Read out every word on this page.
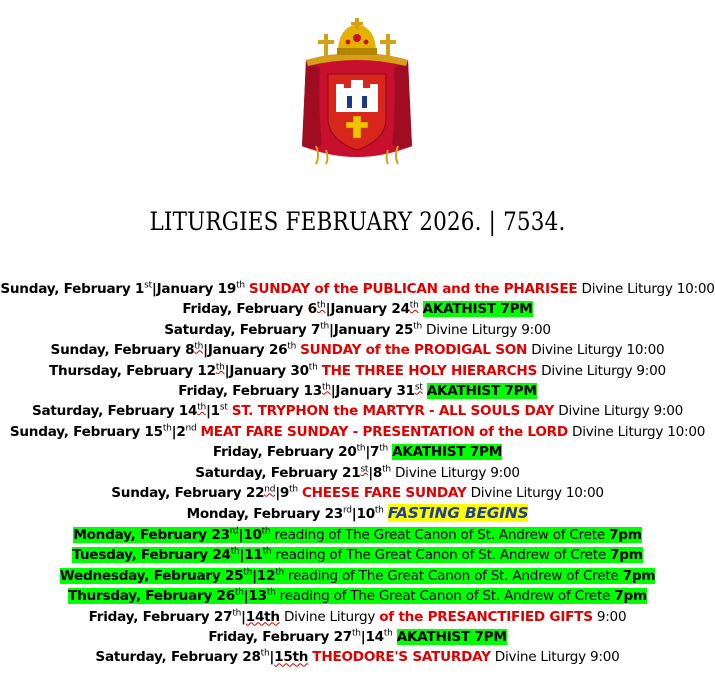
LITURGIES FEBRUARY 2026. | 7534.
Sunday, February 1st|January 19th SUNDAY of the PUBLICAN and the PHARISEE Divine Liturgy 10:00
Friday, February 6th|January 24th AKATHIST 7PM
Saturday, February 7th|January 25th Divine Liturgy 9:00
Sunday, February 8th|January 26th SUNDAY of the PRODIGAL SON Divine Liturgy 10:00
Thursday, February 12th|January 30th THE THREE HOLY HIERARCHS Divine Liturgy 9:00
Friday, February 13th|January 31st AKATHIST 7PM
Saturday, February 14th|1st ST. TRYPHON the MARTYR - ALL SOULS DAY Divine Liturgy 9:00
Sunday, February 15th|2nd MEAT FARE SUNDAY - PRESENTATION of the LORD Divine Liturgy 10:00
Friday, February 20th|7th AKATHIST 7PM
Saturday, February 21st|8th Divine Liturgy 9:00
Sunday, February 22nd|9th CHEESE FARE SUNDAY Divine Liturgy 10:00
Monday, February 23rd|10th FASTING BEGINS
Monday, February 23rd|10th reading of The Great Canon of St. Andrew of Crete 7pm
Tuesday, February 24th|11th reading of The Great Canon of St. Andrew of Crete 7pm
Wednesday, February 25th|12th reading of The Great Canon of St. Andrew of Crete 7pm
Thursday, February 26th|13th reading of The Great Canon of St. Andrew of Crete 7pm
Friday, February 27th|14th Divine Liturgy of the PRESANCTIFIED GIFTS 9:00
Friday, February 27th|14th AKATHIST 7PM
Saturday, February 28th|15th THEODORE'S SATURDAY Divine Liturgy 9:00
